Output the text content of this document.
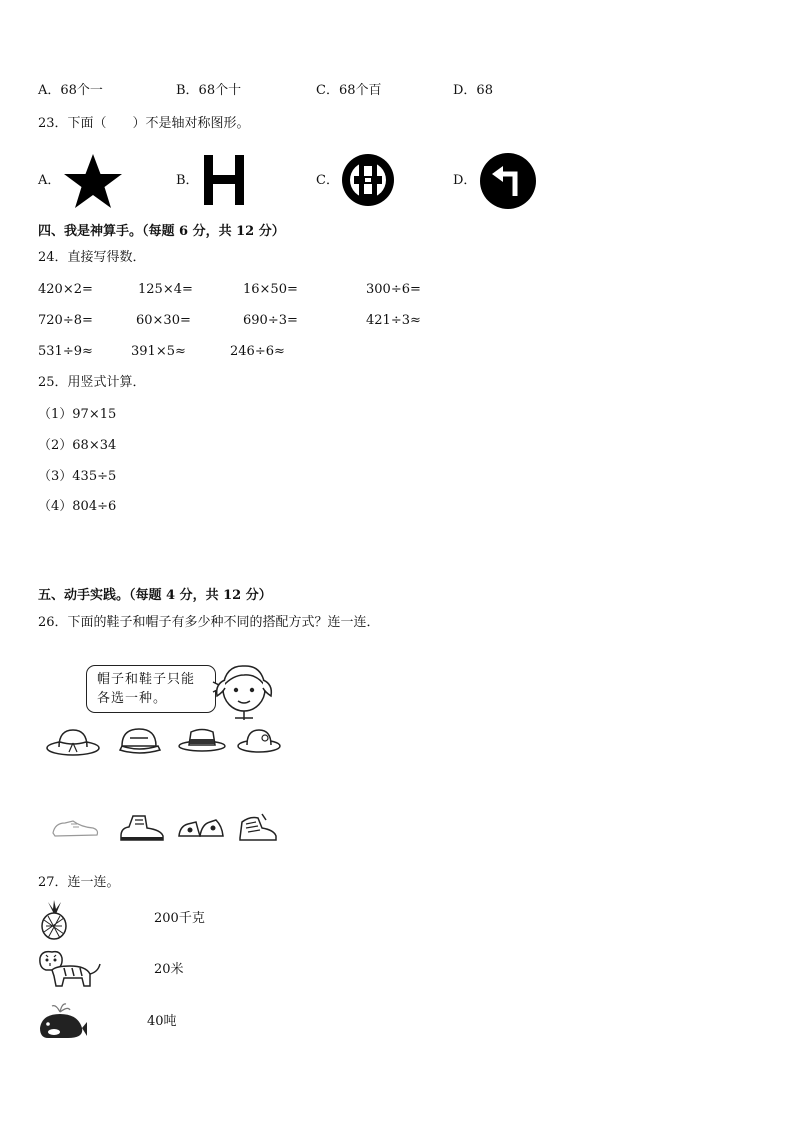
A．68个一	B．68个十	C．68个百	D．68
23．下面（　　）不是轴对称图形。
A．	B．	C．	D．
四、我是神算手。（每题 6 分，共 12 分）
24．直接写得数．
420×2=	125×4=	16×50=	300÷6=
720÷8=	60×30=	690÷3=	421÷3≈
531÷9≈	391×5≈	246÷6≈
25．用竖式计算．
（1）97×15
（2）68×34
（3）435÷5
（4）804÷6
五、动手实践。（每题 4 分，共 12 分）
26．下面的鞋子和帽子有多少种不同的搭配方式？连一连．
帽子和鞋子只能
各选一种。
27．连一连。
200千克
20米
40吨
